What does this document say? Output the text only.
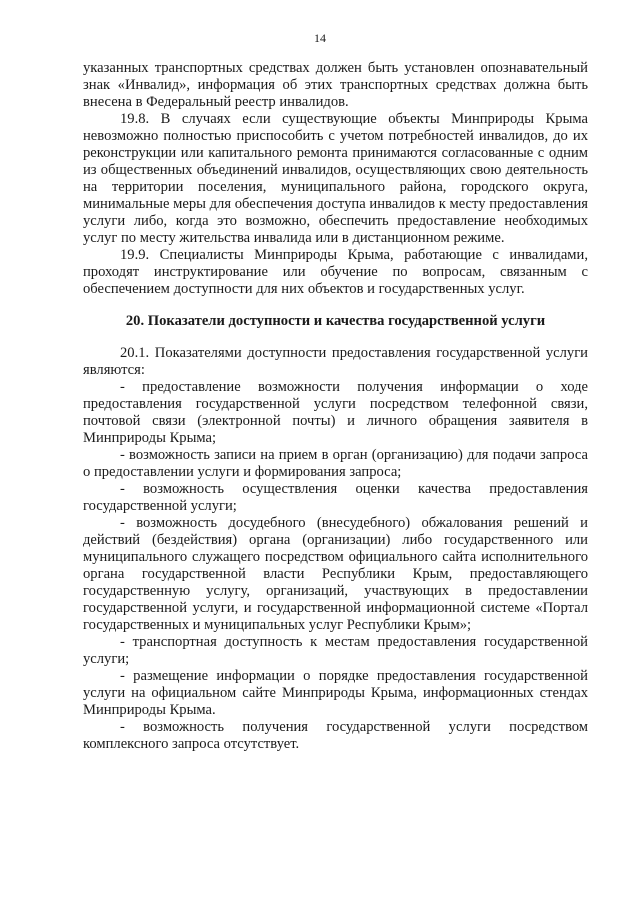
14

указанных транспортных средствах должен быть установлен опознавательный знак «Инвалид», информация об этих транспортных средствах должна быть внесена в Федеральный реестр инвалидов.

19.8. В случаях если существующие объекты Минприроды Крыма невозможно полностью приспособить с учетом потребностей инвалидов, до их реконструкции или капитального ремонта принимаются согласованные с одним из общественных объединений инвалидов, осуществляющих свою деятельность на территории поселения, муниципального района, городского округа, минимальные меры для обеспечения доступа инвалидов к месту предоставления услуги либо, когда это возможно, обеспечить предоставление необходимых услуг по месту жительства инвалида или в дистанционном режиме.

19.9. Специалисты Минприроды Крыма, работающие с инвалидами, проходят инструктирование или обучение по вопросам, связанным с обеспечением доступности для них объектов и государственных услуг.

20. Показатели доступности и качества государственной услуги

20.1. Показателями доступности предоставления государственной услуги являются:

- предоставление возможности получения информации о ходе предоставления государственной услуги посредством телефонной связи, почтовой связи (электронной почты) и личного обращения заявителя в Минприроды Крыма;

- возможность записи на прием в орган (организацию) для подачи запроса о предоставлении услуги и формирования запроса;

- возможность осуществления оценки качества предоставления государственной услуги;

- возможность досудебного (внесудебного) обжалования решений и действий (бездействия) органа (организации) либо государственного или муниципального служащего посредством официального сайта исполнительного органа государственной власти Республики Крым, предоставляющего государственную услугу, организаций, участвующих в предоставлении государственной услуги, и государственной информационной системе «Портал государственных и муниципальных услуг Республики Крым»;

- транспортная доступность к местам предоставления государственной услуги;

- размещение информации о порядке предоставления государственной услуги на официальном сайте Минприроды Крыма, информационных стендах Минприроды Крыма.

- возможность получения государственной услуги посредством комплексного запроса отсутствует.
